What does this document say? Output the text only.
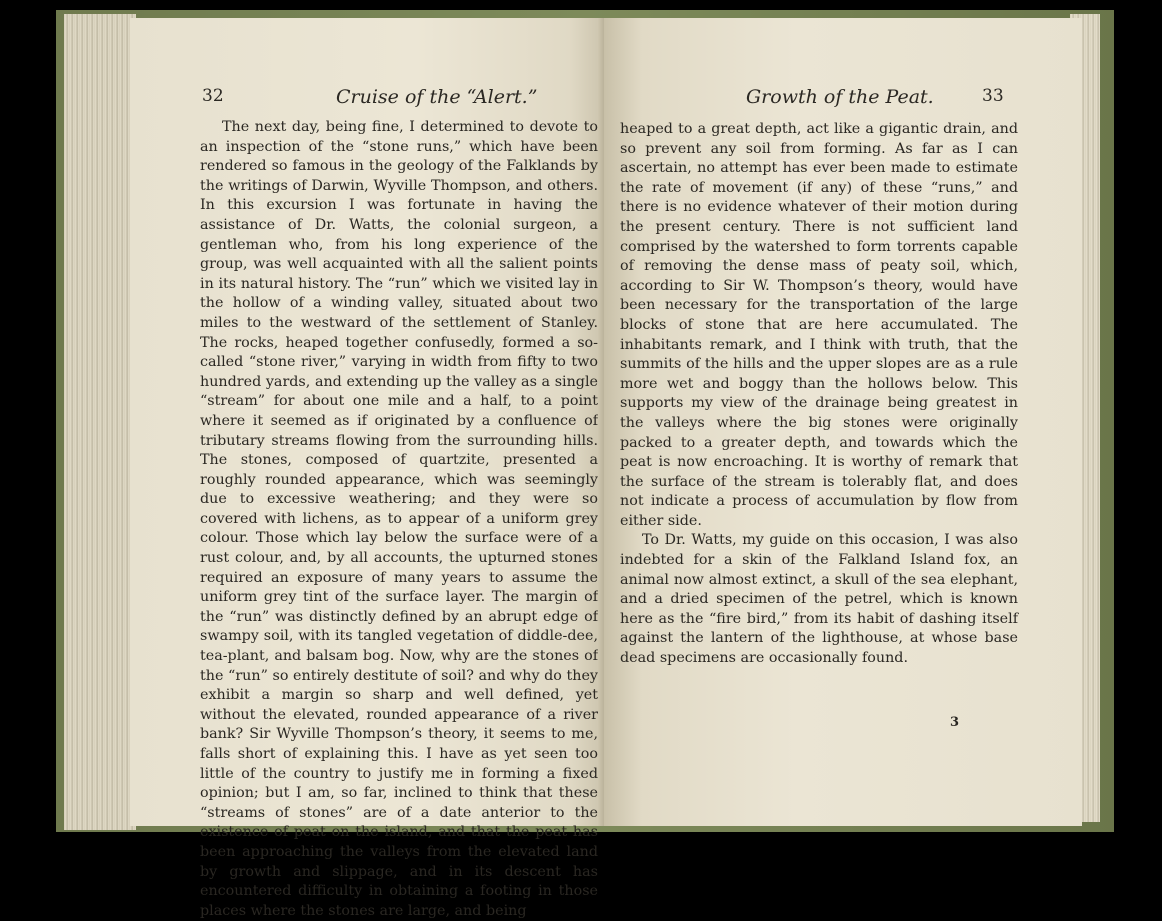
32	Cruise of the “Alert.”

The next day, being fine, I determined to devote to an inspection of the “stone runs,” which have been rendered so famous in the geology of the Falklands by the writings of Darwin, Wyville Thompson, and others. In this excursion I was fortunate in having the assistance of Dr. Watts, the colonial surgeon, a gentleman who, from his long experience of the group, was well acquainted with all the salient points in its natural history. The “run” which we visited lay in the hollow of a winding valley, situated about two miles to the westward of the settlement of Stanley. The rocks, heaped together confusedly, formed a so-called “stone river,” varying in width from fifty to two hundred yards, and extending up the valley as a single “stream” for about one mile and a half, to a point where it seemed as if originated by a confluence of tributary streams flowing from the surrounding hills. The stones, composed of quartzite, presented a roughly rounded appearance, which was seemingly due to excessive weathering; and they were so covered with lichens, as to appear of a uniform grey colour. Those which lay below the surface were of a rust colour, and, by all accounts, the upturned stones required an exposure of many years to assume the uniform grey tint of the surface layer. The margin of the “run” was distinctly defined by an abrupt edge of swampy soil, with its tangled vegetation of diddle-dee, tea-plant, and balsam bog. Now, why are the stones of the “run” so entirely destitute of soil? and why do they exhibit a margin so sharp and well defined, yet without the elevated, rounded appearance of a river bank? Sir Wyville Thompson’s theory, it seems to me, falls short of explaining this. I have as yet seen too little of the country to justify me in forming a fixed opinion; but I am, so far, inclined to think that these “streams of stones” are of a date anterior to the existence of peat on the island, and that the peat has been approaching the valleys from the elevated land by growth and slippage, and in its descent has encountered difficulty in obtaining a footing in those places where the stones are large, and being

Growth of the Peat.	33

heaped to a great depth, act like a gigantic drain, and so prevent any soil from forming. As far as I can ascertain, no attempt has ever been made to estimate the rate of movement (if any) of these “runs,” and there is no evidence whatever of their motion during the present century. There is not sufficient land comprised by the watershed to form torrents capable of removing the dense mass of peaty soil, which, according to Sir W. Thompson’s theory, would have been necessary for the transportation of the large blocks of stone that are here accumulated. The inhabitants remark, and I think with truth, that the summits of the hills and the upper slopes are as a rule more wet and boggy than the hollows below. This supports my view of the drainage being greatest in the valleys where the big stones were originally packed to a greater depth, and towards which the peat is now encroaching. It is worthy of remark that the surface of the stream is tolerably flat, and does not indicate a process of accumulation by flow from either side.

To Dr. Watts, my guide on this occasion, I was also indebted for a skin of the Falkland Island fox, an animal now almost extinct, a skull of the sea elephant, and a dried specimen of the petrel, which is known here as the “fire bird,” from its habit of dashing itself against the lantern of the lighthouse, at whose base dead specimens are occasionally found.

3
